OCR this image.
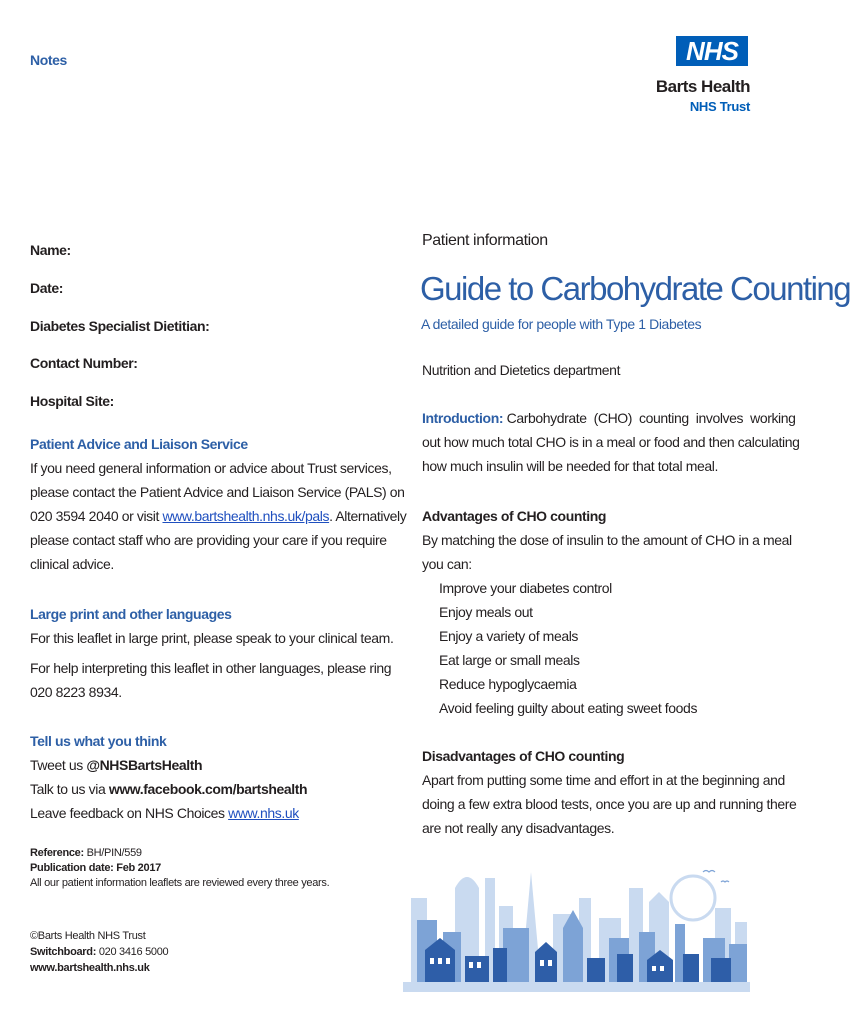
Notes
Name:
Date:
Diabetes Specialist Dietitian:
Contact Number:
Hospital Site:
Patient Advice and Liaison Service
If you need general information or advice about Trust services,
please contact the Patient Advice and Liaison Service (PALS) on
020 3594 2040 or visit www.bartshealth.nhs.uk/pals. Alternatively
please contact staff who are providing your care if you require
clinical advice.
Large print and other languages
For this leaflet in large print, please speak to your clinical team.
For help interpreting this leaflet in other languages, please ring
020 8223 8934.
Tell us what you think
Tweet us @NHSBartsHealth
Talk to us via www.facebook.com/bartshealth
Leave feedback on NHS Choices www.nhs.uk
Reference: BH/PIN/559
Publication date: Feb 2017
All our patient information leaflets are reviewed every three years.
©Barts Health NHS Trust
Switchboard: 020 3416 5000
www.bartshealth.nhs.uk
NHS
Barts Health
NHS Trust
Patient information
Guide to Carbohydrate Counting
A detailed guide for people with Type 1 Diabetes
Nutrition and Dietetics department
Introduction: Carbohydrate  (CHO)  counting  involves  working
out how much total CHO is in a meal or food and then calculating
how much insulin will be needed for that total meal.
Advantages of CHO counting
By matching the dose of insulin to the amount of CHO in a meal
you can:
Improve your diabetes control
Enjoy meals out
Enjoy a variety of meals
Eat large or small meals
Reduce hypoglycaemia
Avoid feeling guilty about eating sweet foods
Disadvantages of CHO counting
Apart from putting some time and effort in at the beginning and
doing a few extra blood tests, once you are up and running there
are not really any disadvantages.
